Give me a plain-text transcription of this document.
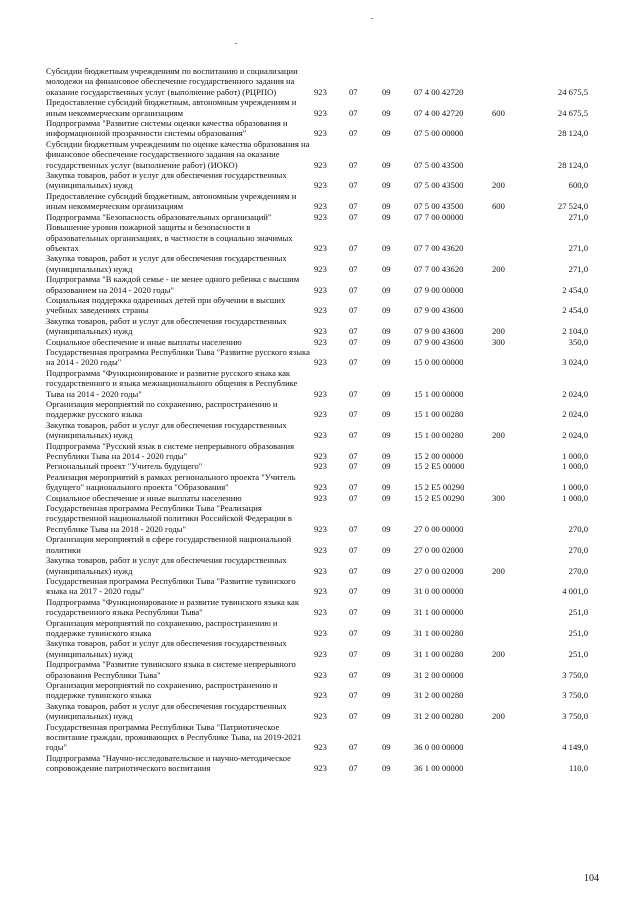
Субсидии бюджетным учреждениям по воспитанию и социализации молодежи на финансовое обеспечение государственного задания на оказание государственных услуг (выполнение работ) (РЦРПО)	923	07	09	07 4 00 42720		24 675,5
Предоставление субсидий бюджетным, автономным учреждениям и иным некоммерческим организациям	923	07	09	07 4 00 42720	600	24 675,5
Подпрограмма "Развитие системы оценки качества образования и информационной прозрачности системы образования"	923	07	09	07 5 00 00000		28 124,0
Субсидии бюджетным учреждениям по оценке качества образования на финансовое обеспечение государственного задания на оказание государственных услуг (выполнение работ) (ИОКО)	923	07	09	07 5 00 43500		28 124,0
Закупка товаров, работ и услуг для обеспечения государственных (муниципальных) нужд	923	07	09	07 5 00 43500	200	600,0
Предоставление субсидий бюджетным, автономным учреждениям и иным некоммерческим организациям	923	07	09	07 5 00 43500	600	27 524,0
Подпрограмма "Безопасность образовательных организаций"	923	07	09	07 7 00 00000		271,0
Повышение уровня пожарной защиты и безопасности в образовательных организациях, в частности в социально значимых объектах	923	07	09	07 7 00 43620		271,0
Закупка товаров, работ и услуг для обеспечения государственных (муниципальных) нужд	923	07	09	07 7 00 43620	200	271,0
Подпрограмма "В каждой семье - не менее одного ребенка с высшим образованием на 2014 - 2020 годы"	923	07	09	07 9 00 00000		2 454,0
Социальная поддержка одаренных детей при обучении в высших учебных заведениях страны	923	07	09	07 9 00 43600		2 454,0
Закупка товаров, работ и услуг для обеспечения государственных (муниципальных) нужд	923	07	09	07 9 00 43600	200	2 104,0
Социальное обеспечение и иные выплаты населению	923	07	09	07 9 00 43600	300	350,0
Государственная программа Республики Тыва "Развитие русского языка на 2014 - 2020 годы"	923	07	09	15 0 00 00000		3 024,0
Подпрограмма "Функционирование и развитие русского языка как государственного и языка межнационального общения в Республике Тыва на 2014 - 2020 годы"	923	07	09	15 1 00 00000		2 024,0
Организация мероприятий по сохранению, распространению и поддержке русского языка	923	07	09	15 1 00 00280		2 024,0
Закупка товаров, работ и услуг для обеспечения государственных (муниципальных) нужд	923	07	09	15 1 00 00280	200	2 024,0
Подпрограмма "Русский язык в системе непрерывного образования Республики Тыва на 2014 - 2020 годы"	923	07	09	15 2 00 00000		1 000,0
Региональный проект "Учитель будущего"	923	07	09	15 2 E5 00000		1 000,0
Реализация мероприятий в рамках регионального проекта "Учитель будущего" национального проекта "Образования"	923	07	09	15 2 E5 00290		1 000,0
Социальное обеспечение и иные выплаты населению	923	07	09	15 2 E5 00290	300	1 000,0
Государственная программа Республики Тыва "Реализация государственной национальной политики Российской Федерации в Республике Тыва на 2018 - 2020 годы"	923	07	09	27 0 00 00000		270,0
Организация мероприятий в сфере государственной национальной политики	923	07	09	27 0 00 02000		270,0
Закупка товаров, работ и услуг для обеспечения государственных (муниципальных) нужд	923	07	09	27 0 00 02000	200	270,0
Государственная программа Республики Тыва "Развитие тувинского языка на 2017 - 2020 годы"	923	07	09	31 0 00 00000		4 001,0
Подпрограмма "Функционирование и развитие тувинского языка как государственного языка Республики Тыва"	923	07	09	31 1 00 00000		251,0
Организация мероприятий по сохранению, распространению и поддержке тувинского языка	923	07	09	31 1 00 00280		251,0
Закупка товаров, работ и услуг для обеспечения государственных (муниципальных) нужд	923	07	09	31 1 00 00280	200	251,0
Подпрограмма "Развитие тувинского языка в системе непрерывного образования Республики Тыва"	923	07	09	31 2 00 00000		3 750,0
Организация мероприятий по сохранению, распространению и поддержке тувинского языка	923	07	09	31 2 00 00280		3 750,0
Закупка товаров, работ и услуг для обеспечения государственных (муниципальных) нужд	923	07	09	31 2 00 00280	200	3 750,0
Государственная программа Республики Тыва "Патриотическое воспитание граждан, проживающих в Республике Тыва, на 2019-2021 годы"	923	07	09	36 0 00 00000		4 149,0
Подпрограмма "Научно-исследовательское и научно-методическое сопровождение патриотического воспитания	923	07	09	36 1 00 00000		110,0
104
